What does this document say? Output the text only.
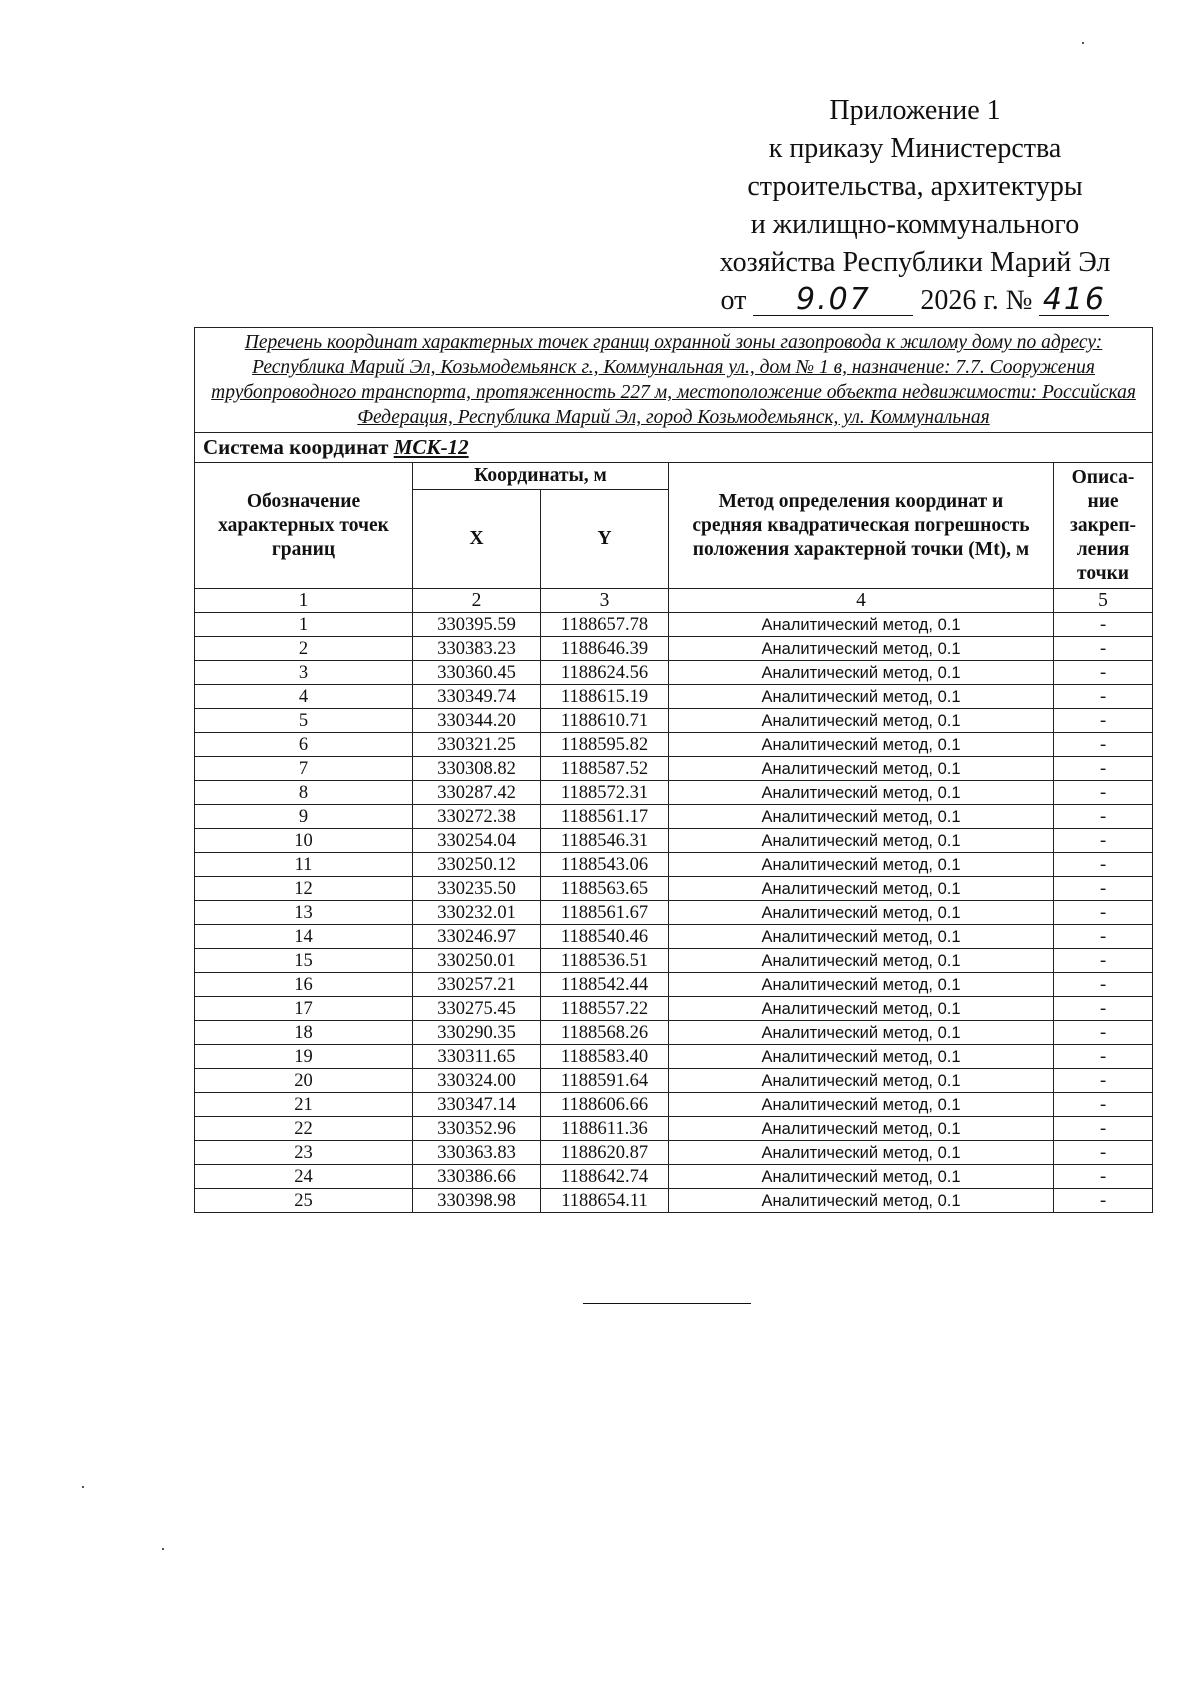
Приложение 1
к приказу Министерства
строительства, архитектуры
и жилищно-коммунального
хозяйства Республики Марий Эл
от 9.07 2026 г. № 416
Перечень координат характерных точек границ охранной зоны газопровода к жилому дому по адресу: Республика Марий Эл, Козьмодемьянск г., Коммунальная ул., дом № 1 в, назначение: 7.7. Сооружения трубопроводного транспорта, протяженность 227 м, местоположение объекта недвижимости: Российская Федерация, Республика Марий Эл, город Козьмодемьянск, ул. Коммунальная				
Система координат МСК-12				
Обозначение характерных точек границ	Координаты, м		Метод определения координат и средняя квадратическая погрешность положения характерной точки (Mt), м	Описа-ние закреп-ления точки
	X	Y		
1	2	3	4	5
1	330395.59	1188657.78	Аналитический метод, 0.1	-
2	330383.23	1188646.39	Аналитический метод, 0.1	-
3	330360.45	1188624.56	Аналитический метод, 0.1	-
4	330349.74	1188615.19	Аналитический метод, 0.1	-
5	330344.20	1188610.71	Аналитический метод, 0.1	-
6	330321.25	1188595.82	Аналитический метод, 0.1	-
7	330308.82	1188587.52	Аналитический метод, 0.1	-
8	330287.42	1188572.31	Аналитический метод, 0.1	-
9	330272.38	1188561.17	Аналитический метод, 0.1	-
10	330254.04	1188546.31	Аналитический метод, 0.1	-
11	330250.12	1188543.06	Аналитический метод, 0.1	-
12	330235.50	1188563.65	Аналитический метод, 0.1	-
13	330232.01	1188561.67	Аналитический метод, 0.1	-
14	330246.97	1188540.46	Аналитический метод, 0.1	-
15	330250.01	1188536.51	Аналитический метод, 0.1	-
16	330257.21	1188542.44	Аналитический метод, 0.1	-
17	330275.45	1188557.22	Аналитический метод, 0.1	-
18	330290.35	1188568.26	Аналитический метод, 0.1	-
19	330311.65	1188583.40	Аналитический метод, 0.1	-
20	330324.00	1188591.64	Аналитический метод, 0.1	-
21	330347.14	1188606.66	Аналитический метод, 0.1	-
22	330352.96	1188611.36	Аналитический метод, 0.1	-
23	330363.83	1188620.87	Аналитический метод, 0.1	-
24	330386.66	1188642.74	Аналитический метод, 0.1	-
25	330398.98	1188654.11	Аналитический метод, 0.1	-
